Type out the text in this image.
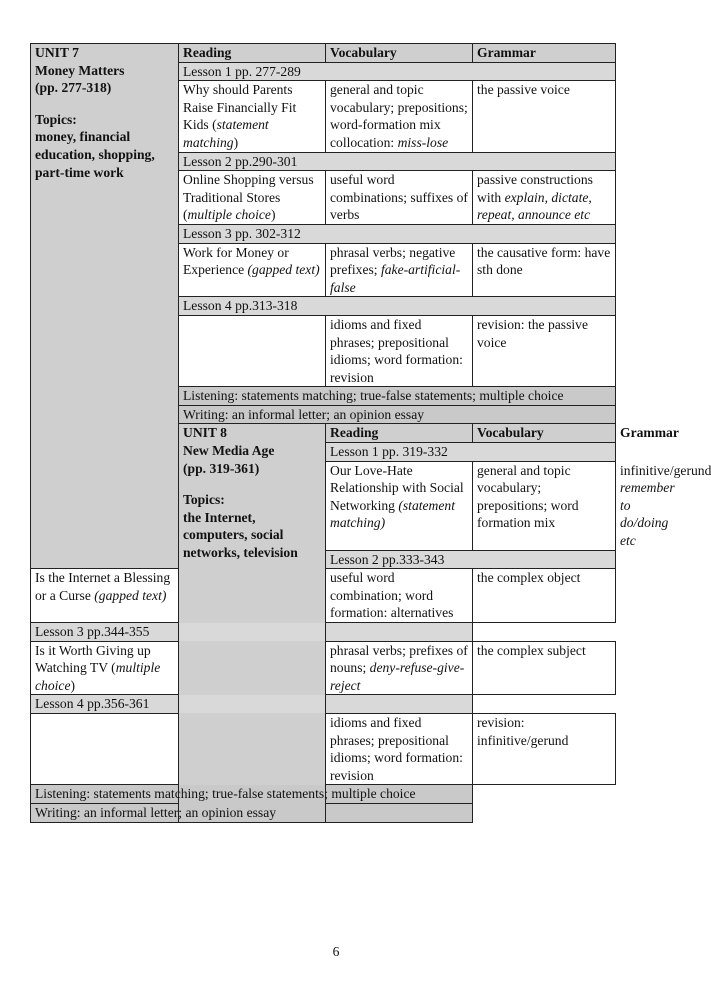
UNIT 7
Money Matters
(pp. 277-318)
Topics:
money, financial education, shopping, part-time work	Reading	Vocabulary	Grammar	
	Lesson 1 pp. 277-289			
	Why should Parents Raise Financially Fit Kids (statement matching)	general and topic vocabulary; prepositions; word-formation mix collocation: miss-lose	the passive voice	
	Lesson 2 pp.290-301			
	Online Shopping versus Traditional Stores (multiple choice)	useful word combinations; suffixes of verbs	passive constructions with explain, dictate, repeat, announce etc	
	Lesson 3 pp. 302-312			
	Work for Money or Experience (gapped text)	phrasal verbs; negative prefixes; fake-artificial-false	the causative form: have sth done	
	Lesson 4 pp.313-318			
		idioms and fixed phrases; prepositional idioms; word formation: revision	revision: the passive voice	
	Listening: statements matching; true-false statements; multiple choice			
	Writing: an informal letter; an opinion essay			

	UNIT 8
New Media Age
(pp. 319-361)
Topics:
the Internet, computers, social networks, television	Reading	Vocabulary	Grammar
		Lesson 1 pp. 319-332		
		Our Love-Hate Relationship with Social Networking (statement matching)	general and topic vocabulary; prepositions; word formation mix	infinitive/gerund remember to do/doing etc
		Lesson 2 pp.333-343		
Is the Internet a Blessing or a Curse (gapped text)		useful word combination; word formation: alternatives	the complex object	
Lesson 3 pp.344-355				
Is it Worth Giving up Watching TV (multiple choice)		phrasal verbs; prefixes of nouns; deny-refuse-give-reject	the complex subject	
Lesson 4 pp.356-361				
		idioms and fixed phrases; prepositional idioms; word formation: revision	revision: infinitive/gerund	
Listening: statements matching; true-false statements; multiple choice				
Writing: an informal letter; an opinion essay				
6
